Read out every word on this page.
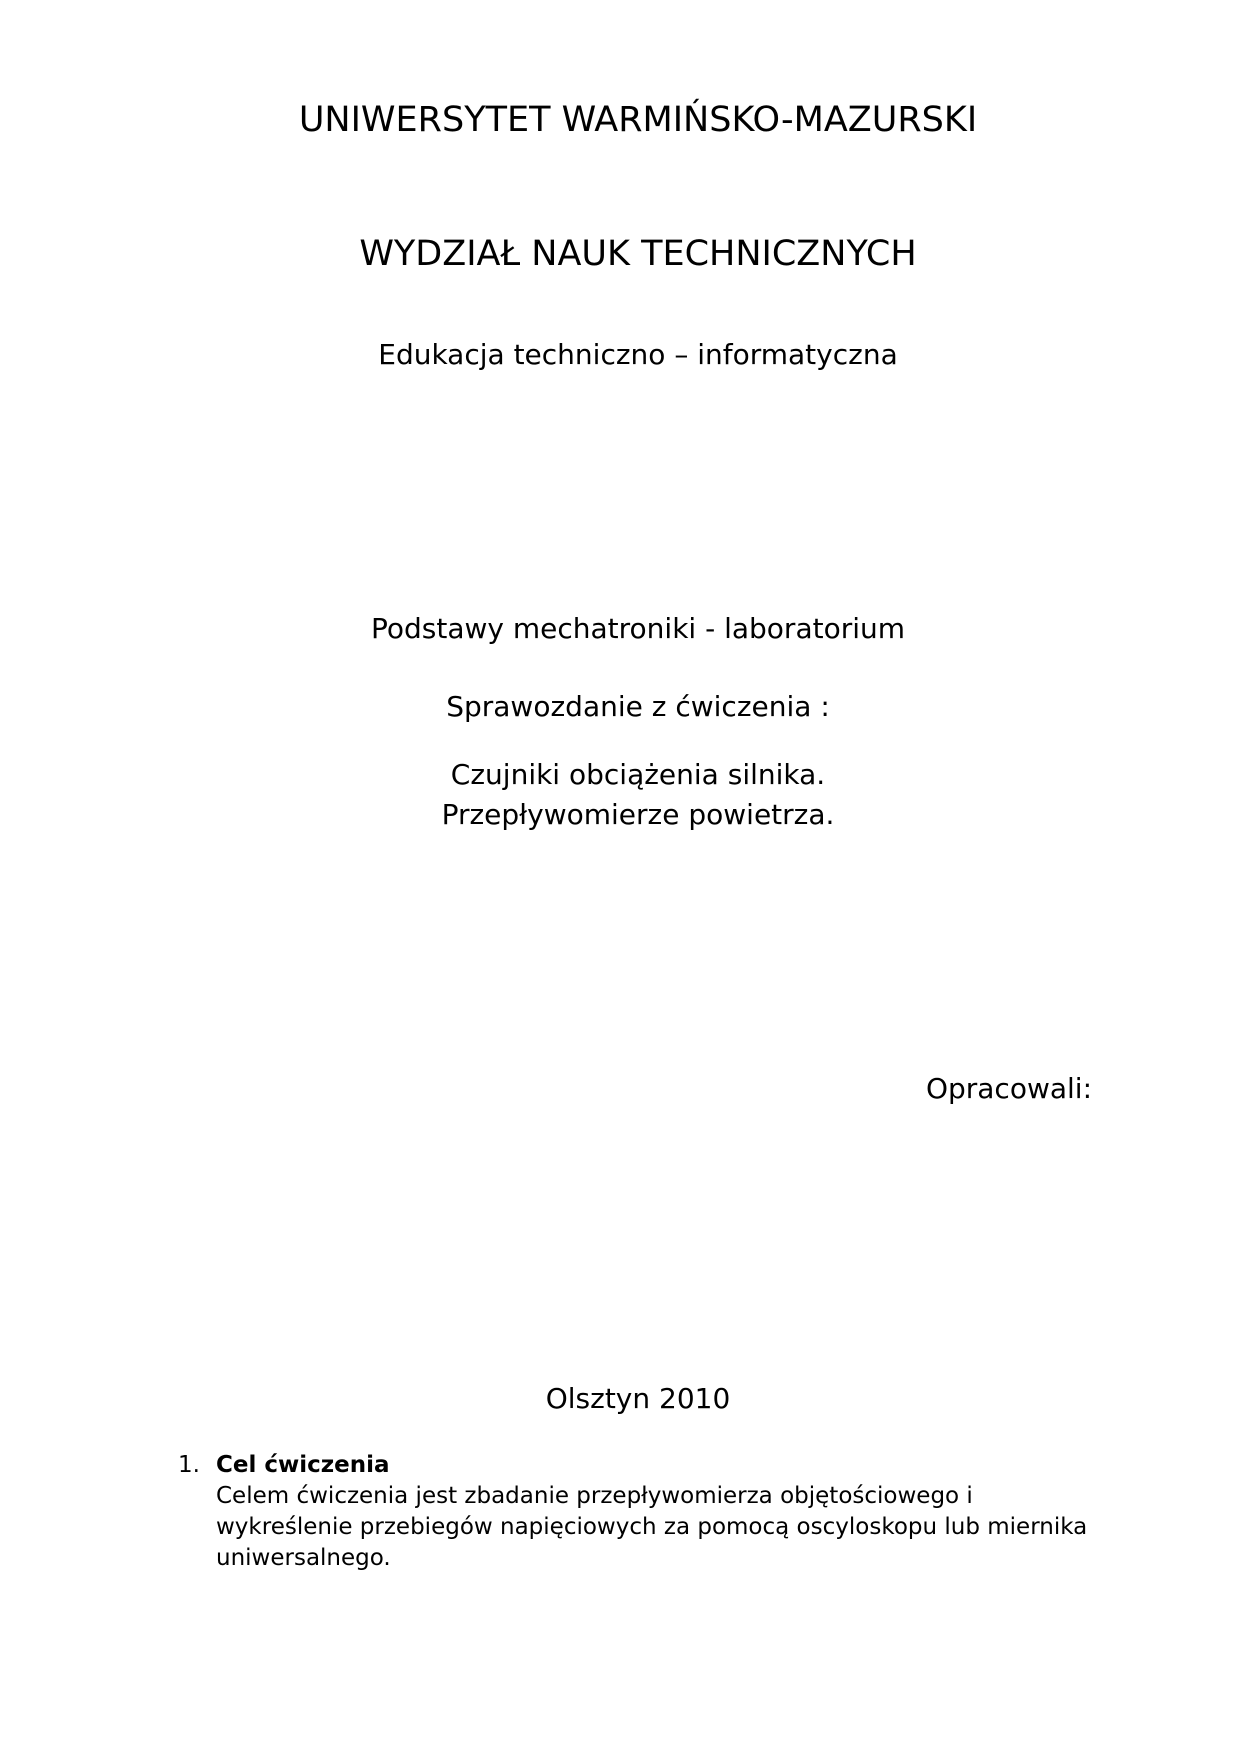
UNIWERSYTET WARMIŃSKO-MAZURSKI

WYDZIAŁ NAUK TECHNICZNYCH

Edukacja techniczno – informatyczna

Podstawy mechatroniki - laboratorium

Sprawozdanie z ćwiczenia :

Czujniki obciążenia silnika.

Przepływomierze powietrza.

Opracowali:

Olsztyn 2010

1. Cel ćwiczenia
Celem ćwiczenia jest zbadanie przepływomierza objętościowego i
wykreślenie przebiegów napięciowych za pomocą oscyloskopu lub miernika
uniwersalnego.
